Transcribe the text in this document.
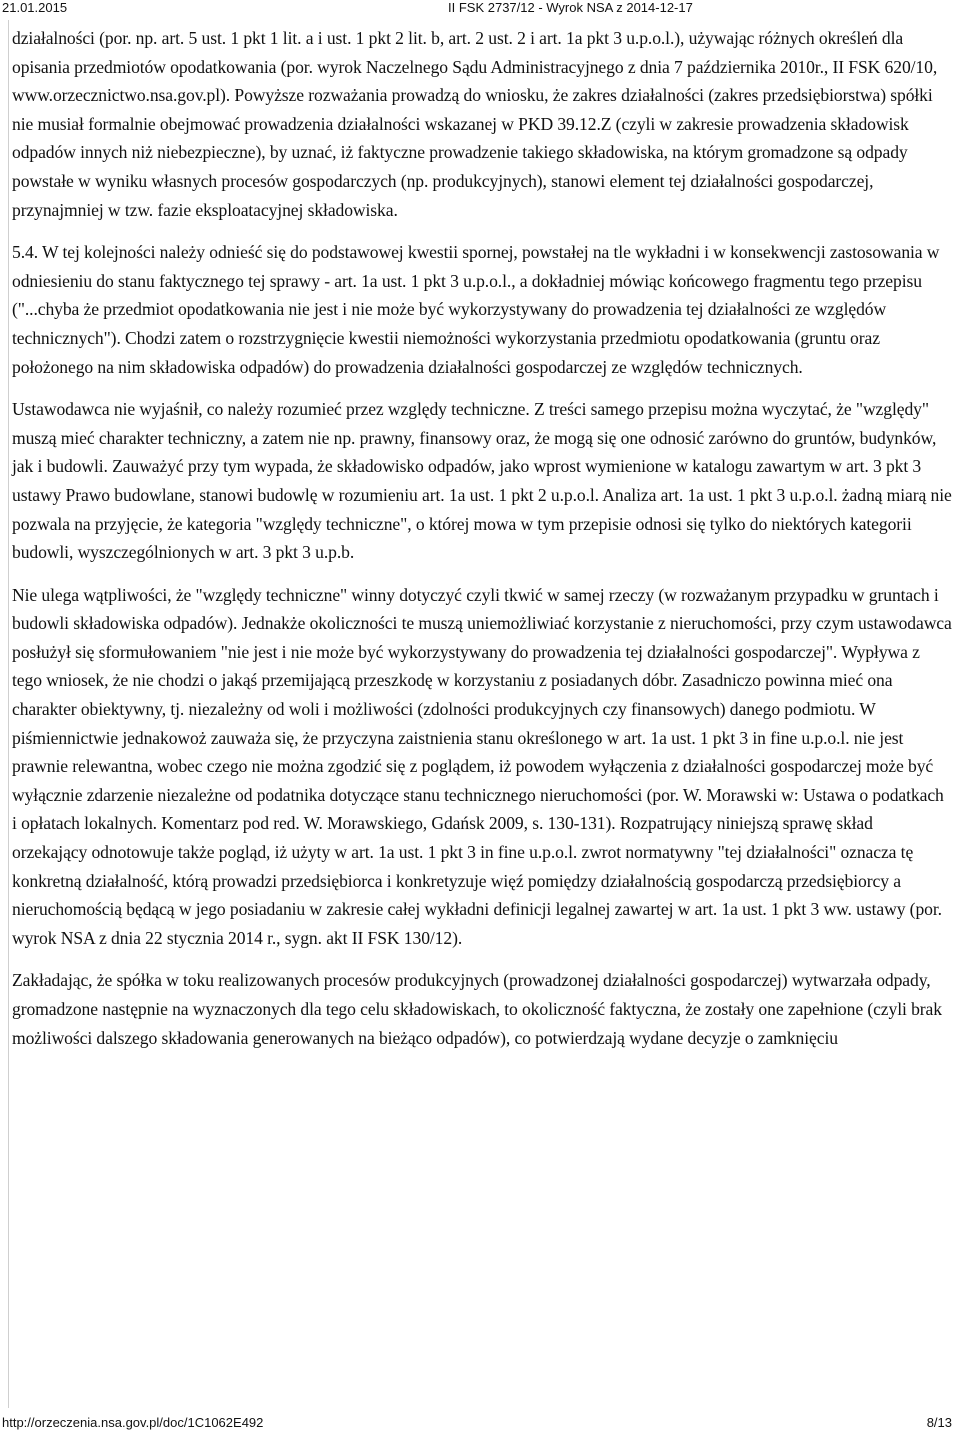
21.01.2015	II FSK 2737/12 - Wyrok NSA z 2014-12-17

działalności (por. np. art. 5 ust. 1 pkt 1 lit. a i ust. 1 pkt 2 lit. b, art. 2 ust. 2 i art. 1a pkt 3 u.p.o.l.), używając różnych określeń dla opisania przedmiotów opodatkowania (por. wyrok Naczelnego Sądu Administracyjnego z dnia 7 października 2010r., II FSK 620/10, www.orzecznictwo.nsa.gov.pl). Powyższe rozważania prowadzą do wniosku, że zakres działalności (zakres przedsiębiorstwa) spółki nie musiał formalnie obejmować prowadzenia działalności wskazanej w PKD 39.12.Z (czyli w zakresie prowadzenia składowisk odpadów innych niż niebezpieczne), by uznać, iż faktyczne prowadzenie takiego składowiska, na którym gromadzone są odpady powstałe w wyniku własnych procesów gospodarczych (np. produkcyjnych), stanowi element tej działalności gospodarczej, przynajmniej w tzw. fazie eksploatacyjnej składowiska.

5.4. W tej kolejności należy odnieść się do podstawowej kwestii spornej, powstałej na tle wykładni i w konsekwencji zastosowania w odniesieniu do stanu faktycznego tej sprawy - art. 1a ust. 1 pkt 3 u.p.o.l., a dokładniej mówiąc końcowego fragmentu tego przepisu ("...chyba że przedmiot opodatkowania nie jest i nie może być wykorzystywany do prowadzenia tej działalności ze względów technicznych"). Chodzi zatem o rozstrzygnięcie kwestii niemożności wykorzystania przedmiotu opodatkowania (gruntu oraz położonego na nim składowiska odpadów) do prowadzenia działalności gospodarczej ze względów technicznych.

Ustawodawca nie wyjaśnił, co należy rozumieć przez względy techniczne. Z treści samego przepisu można wyczytać, że "względy" muszą mieć charakter techniczny, a zatem nie np. prawny, finansowy oraz, że mogą się one odnosić zarówno do gruntów, budynków, jak i budowli. Zauważyć przy tym wypada, że składowisko odpadów, jako wprost wymienione w katalogu zawartym w art. 3 pkt 3 ustawy Prawo budowlane, stanowi budowlę w rozumieniu art. 1a ust. 1 pkt 2 u.p.o.l. Analiza art. 1a ust. 1 pkt 3 u.p.o.l. żadną miarą nie pozwala na przyjęcie, że kategoria "względy techniczne", o której mowa w tym przepisie odnosi się tylko do niektórych kategorii budowli, wyszczególnionych w art. 3 pkt 3 u.p.b.

Nie ulega wątpliwości, że "względy techniczne" winny dotyczyć czyli tkwić w samej rzeczy (w rozważanym przypadku w gruntach i budowli składowiska odpadów). Jednakże okoliczności te muszą uniemożliwiać korzystanie z nieruchomości, przy czym ustawodawca posłużył się sformułowaniem "nie jest i nie może być wykorzystywany do prowadzenia tej działalności gospodarczej". Wypływa z tego wniosek, że nie chodzi o jakąś przemijającą przeszkodę w korzystaniu z posiadanych dóbr. Zasadniczo powinna mieć ona charakter obiektywny, tj. niezależny od woli i możliwości (zdolności produkcyjnych czy finansowych) danego podmiotu. W piśmiennictwie jednakowoż zauważa się, że przyczyna zaistnienia stanu określonego w art. 1a ust. 1 pkt 3 in fine u.p.o.l. nie jest prawnie relewantna, wobec czego nie można zgodzić się z poglądem, iż powodem wyłączenia z działalności gospodarczej może być wyłącznie zdarzenie niezależne od podatnika dotyczące stanu technicznego nieruchomości (por. W. Morawski w: Ustawa o podatkach i opłatach lokalnych. Komentarz pod red. W. Morawskiego, Gdańsk 2009, s. 130-131). Rozpatrujący niniejszą sprawę skład orzekający odnotowuje także pogląd, iż użyty w art. 1a ust. 1 pkt 3 in fine u.p.o.l. zwrot normatywny "tej działalności" oznacza tę konkretną działalność, którą prowadzi przedsiębiorca i konkretyzuje więź pomiędzy działalnością gospodarczą przedsiębiorcy a nieruchomością będącą w jego posiadaniu w zakresie całej wykładni definicji legalnej zawartej w art. 1a ust. 1 pkt 3 ww. ustawy (por. wyrok NSA z dnia 22 stycznia 2014 r., sygn. akt II FSK 130/12).

Zakładając, że spółka w toku realizowanych procesów produkcyjnych (prowadzonej działalności gospodarczej) wytwarzała odpady, gromadzone następnie na wyznaczonych dla tego celu składowiskach, to okoliczność faktyczna, że zostały one zapełnione (czyli brak możliwości dalszego składowania generowanych na bieżąco odpadów), co potwierdzają wydane decyzje o zamknięciu

http://orzeczenia.nsa.gov.pl/doc/1C1062E492	8/13
